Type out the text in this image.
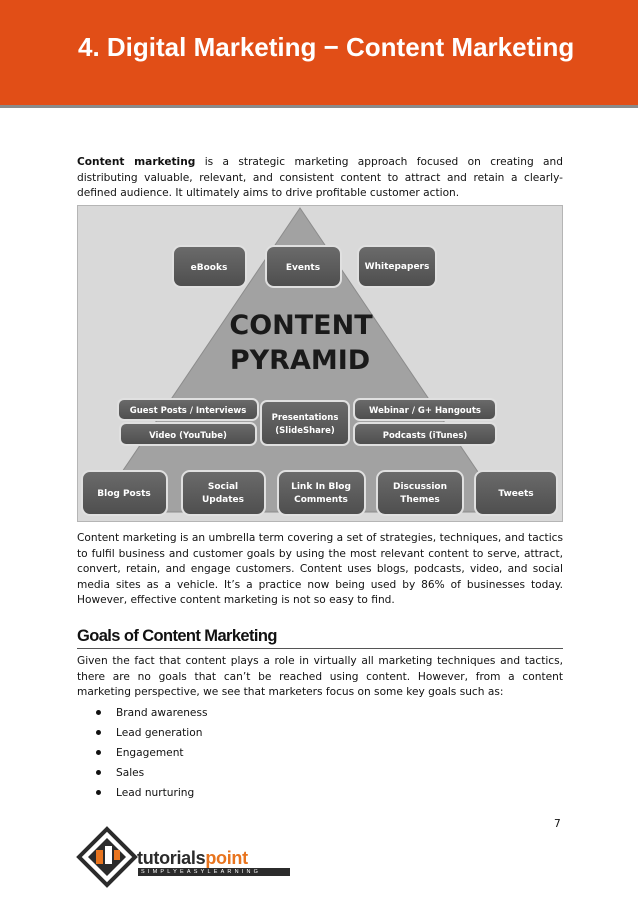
4. Digital Marketing − Content Marketing

Content marketing is a strategic marketing approach focused on creating and distributing valuable, relevant, and consistent content to attract and retain a clearly-defined audience. It ultimately aims to drive profitable customer action.

CONTENT
PYRAMID
eBooks	Events	Whitepapers
Guest Posts / Interviews
Video (YouTube)
Presentations
(SlideShare)
Webinar / G+ Hangouts
Podcasts (iTunes)
Blog Posts
Social
Updates
Link In Blog
Comments
Discussion
Themes
Tweets

Content marketing is an umbrella term covering a set of strategies, techniques, and tactics to fulfil business and customer goals by using the most relevant content to serve, attract, convert, retain, and engage customers. Content uses blogs, podcasts, video, and social media sites as a vehicle. It’s a practice now being used by 86% of businesses today. However, effective content marketing is not so easy to find.

Goals of Content Marketing

Given the fact that content plays a role in virtually all marketing techniques and tactics, there are no goals that can’t be reached using content. However, from a content marketing perspective, we see that marketers focus on some key goals such as:

Brand awareness
Lead generation
Engagement
Sales
Lead nurturing
7
tutorialspoint
SIMPLYEASYLEARNING
